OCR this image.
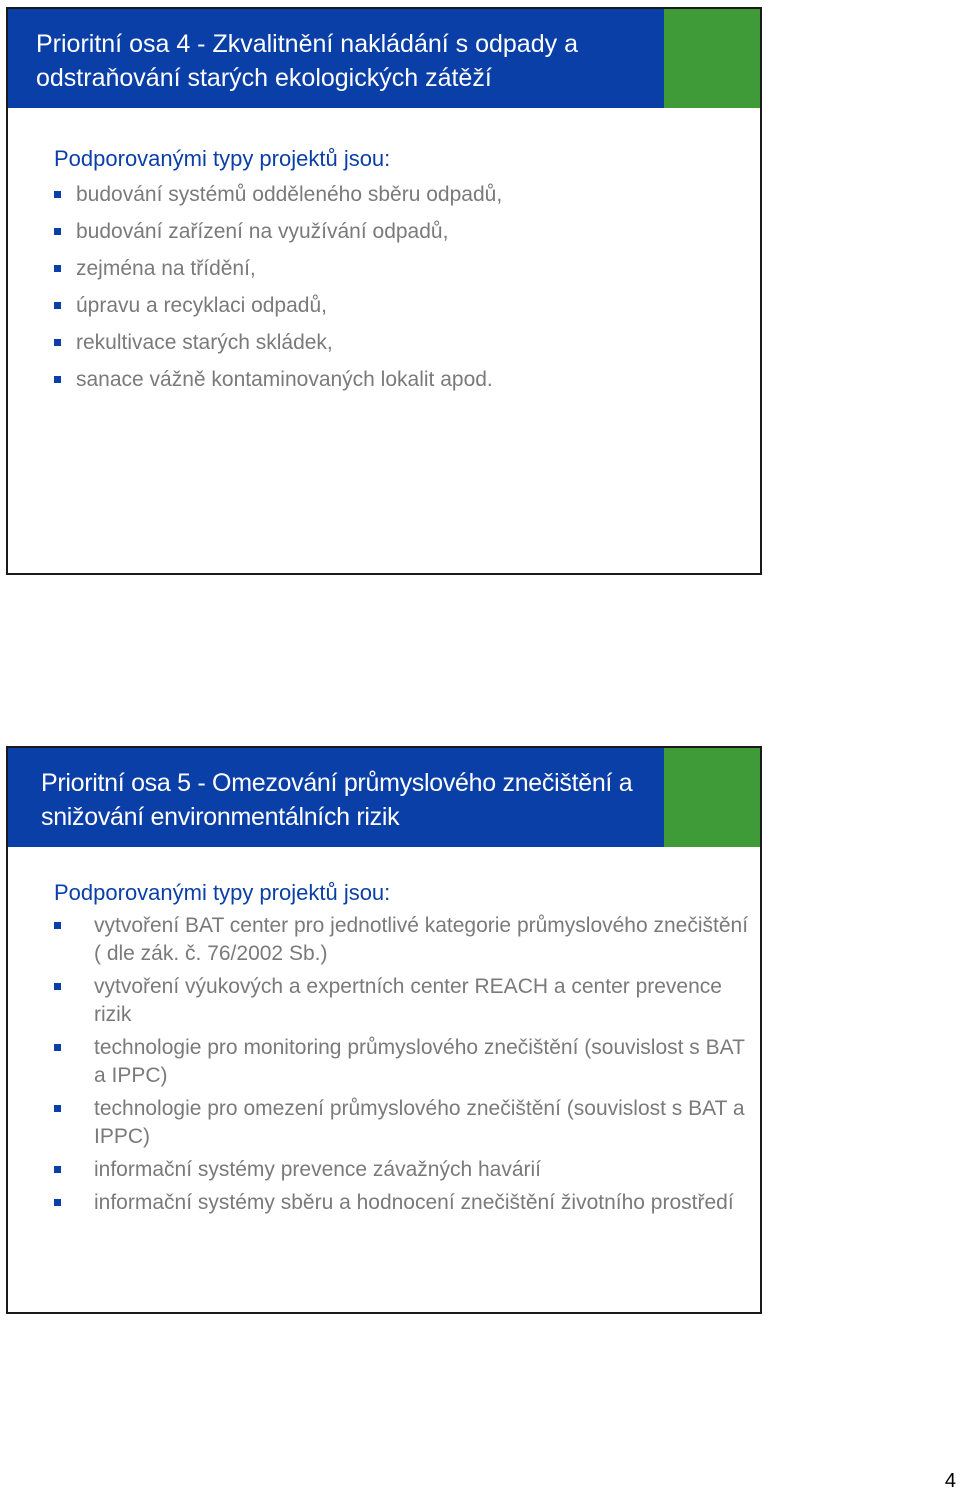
Prioritní osa 4 - Zkvalitnění nakládání s odpady a odstraňování starých ekologických zátěží

Podporovanými typy projektů jsou:

budování systémů odděleného sběru odpadů,
budování zařízení na využívání odpadů,
zejména na třídění,
úpravu a recyklaci odpadů,
rekultivace starých skládek,
sanace vážně kontaminovaných lokalit apod.
Prioritní osa 5 - Omezování průmyslového znečištění a snižování environmentálních rizik

Podporovanými typy projektů jsou:

vytvoření BAT center pro jednotlivé kategorie průmyslového znečištění ( dle zák. č. 76/2002 Sb.)
vytvoření výukových a expertních center REACH a center prevence rizik
technologie pro monitoring průmyslového znečištění (souvislost s BAT a IPPC)
technologie pro omezení průmyslového znečištění (souvislost s BAT a IPPC)
informační systémy prevence závažných havárií
informační systémy sběru a hodnocení znečištění životního prostředí
4
